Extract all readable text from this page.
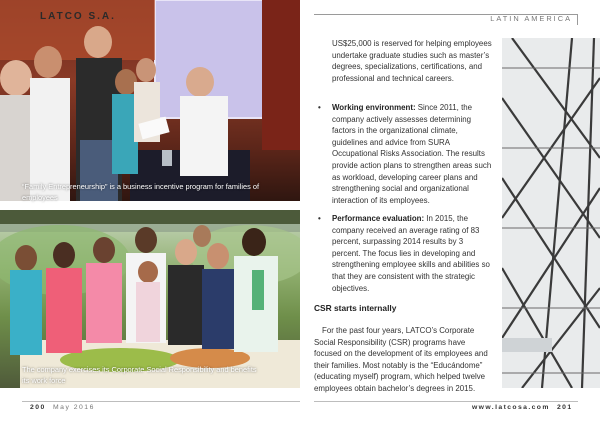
LATCO S.A.
“Family Entrepreneurship” is a business incentive program for families of employees
The company exercises its Corporate Social Responsibility and benefits its work force
200 May 2016
LATIN AMERICA
US$25,000 is reserved for helping employees undertake graduate studies such as master’s degrees, specializations, certifications, and professional and technical careers.
• Working environment: Since 2011, the company actively assesses determining factors in the organizational climate, guidelines and advice from SURA Occupational Risks Association. The results provide action plans to strengthen areas such as workload, developing career plans and strengthening social and organizational interaction of its employees.
• Performance evaluation: In 2015, the company received an average rating of 83 percent, surpassing 2014 results by 3 percent. The focus lies in developing and strengthening employee skills and abilities so that they are consistent with the strategic objectives.
CSR starts internally
For the past four years, LATCO’s Corporate Social Responsibility (CSR) programs have focused on the development of its employees and their families. Most notably is the “Educándome” (educating myself) program, which helped twelve employees obtain bachelor’s degrees in 2015.
www.latcosa.com 201
